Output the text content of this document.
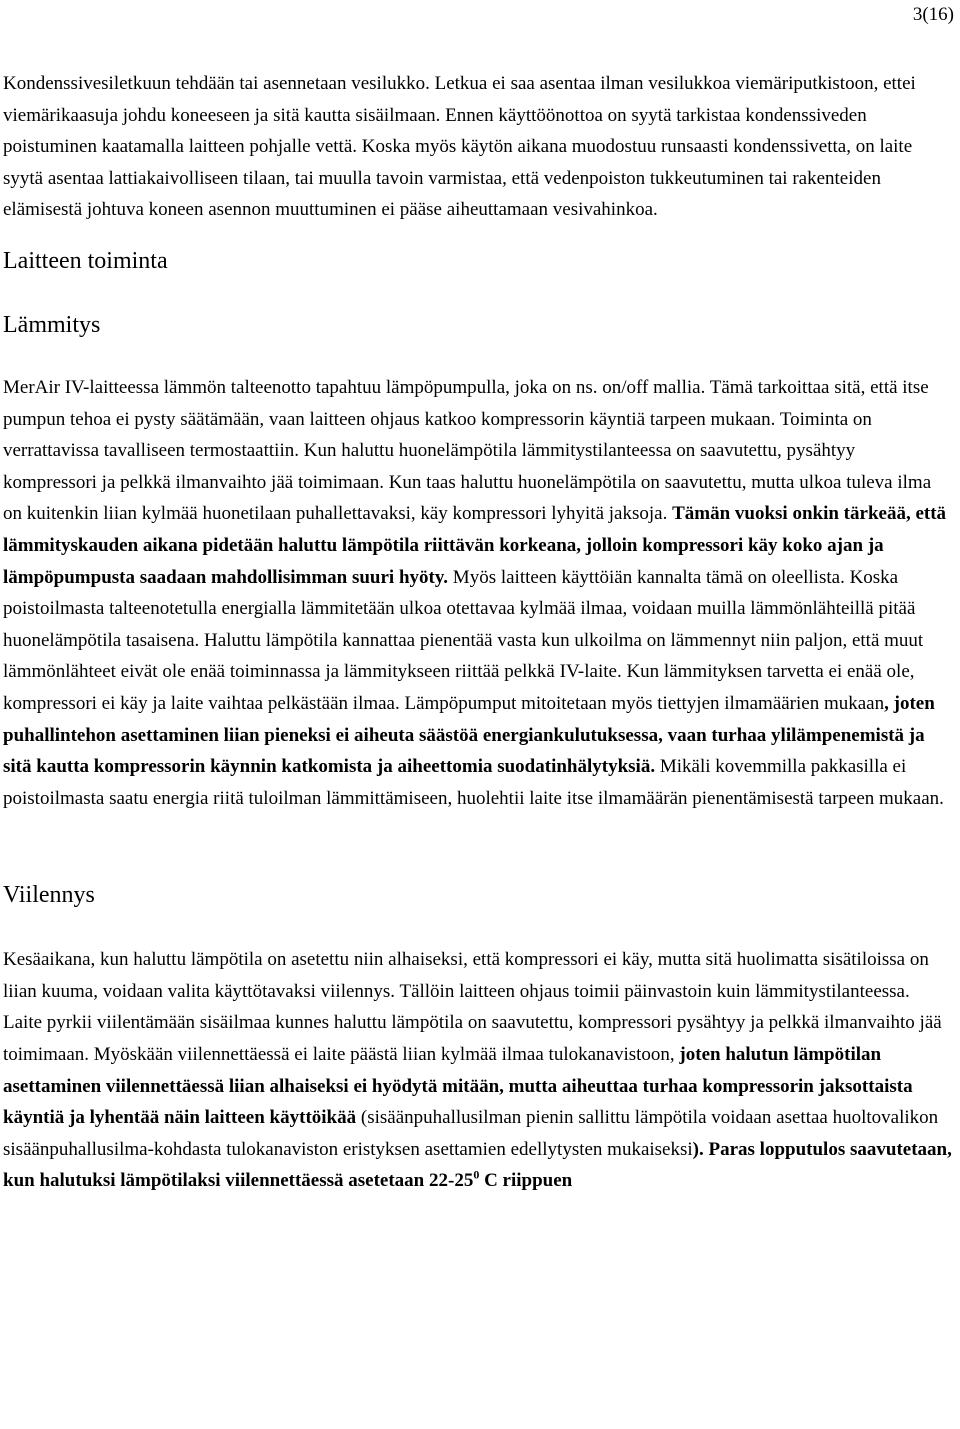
3(16)

Kondenssivesiletkuun tehdään tai asennetaan vesilukko. Letkua ei saa asentaa ilman vesilukkoa viemäriputkistoon, ettei viemärikaasuja johdu koneeseen ja sitä kautta sisäilmaan. Ennen käyttöönottoa on syytä tarkistaa kondenssiveden poistuminen kaatamalla laitteen pohjalle vettä. Koska myös käytön aikana muodostuu runsaasti kondenssivetta, on laite syytä asentaa lattiakaivolliseen tilaan, tai muulla tavoin varmistaa, että vedenpoiston tukkeutuminen tai rakenteiden elämisestä johtuva koneen asennon muuttuminen ei pääse aiheuttamaan vesivahinkoa.

Laitteen toiminta
Lämmitys

MerAir IV-laitteessa lämmön talteenotto tapahtuu lämpöpumpulla, joka on ns. on/off mallia. Tämä tarkoittaa sitä, että itse pumpun tehoa ei pysty säätämään, vaan laitteen ohjaus katkoo kompressorin käyntiä tarpeen mukaan. Toiminta on verrattavissa tavalliseen termostaattiin. Kun haluttu huonelämpötila lämmitystilanteessa on saavutettu, pysähtyy kompressori ja pelkkä ilmanvaihto jää toimimaan. Kun taas haluttu huonelämpötila on saavutettu, mutta ulkoa tuleva ilma on kuitenkin liian kylmää huonetilaan puhallettavaksi, käy kompressori lyhyitä jaksoja. Tämän vuoksi onkin tärkeää, että lämmityskauden aikana pidetään haluttu lämpötila riittävän korkeana, jolloin kompressori käy koko ajan ja lämpöpumpusta saadaan mahdollisimman suuri hyöty. Myös laitteen käyttöiän kannalta tämä on oleellista. Koska poistoilmasta talteenotetulla energialla lämmitetään ulkoa otettavaa kylmää ilmaa, voidaan muilla lämmönlähteillä pitää huonelämpötila tasaisena. Haluttu lämpötila kannattaa pienentää vasta kun ulkoilma on lämmennyt niin paljon, että muut lämmönlähteet eivät ole enää toiminnassa ja lämmitykseen riittää pelkkä IV-laite. Kun lämmityksen tarvetta ei enää ole, kompressori ei käy ja laite vaihtaa pelkästään ilmaa. Lämpöpumput mitoitetaan myös tiettyjen ilmamäärien mukaan, joten puhallintehon asettaminen liian pieneksi ei aiheuta säästöä energiankulutuksessa, vaan turhaa ylilämpenemistä ja sitä kautta kompressorin käynnin katkomista ja aiheettomia suodatinhälytyksiä. Mikäli kovemmilla pakkasilla ei poistoilmasta saatu energia riitä tuloilman lämmittämiseen, huolehtii laite itse ilmamäärän pienentämisestä tarpeen mukaan.

Viilennys

Kesäaikana, kun haluttu lämpötila on asetettu niin alhaiseksi, että kompressori ei käy, mutta sitä huolimatta sisätiloissa on liian kuuma, voidaan valita käyttötavaksi viilennys. Tällöin laitteen ohjaus toimii päinvastoin kuin lämmitystilanteessa. Laite pyrkii viilentämään sisäilmaa kunnes haluttu lämpötila on saavutettu, kompressori pysähtyy ja pelkkä ilmanvaihto jää toimimaan. Myöskään viilennettäessä ei laite päästä liian kylmää ilmaa tulokanavistoon, joten halutun lämpötilan asettaminen viilennettäessä liian alhaiseksi ei hyödytä mitään, mutta aiheuttaa turhaa kompressorin jaksottaista käyntiä ja lyhentää näin laitteen käyttöikää (sisäänpuhallusilman pienin sallittu lämpötila voidaan asettaa huoltovalikon sisäänpuhallusilma-kohdasta tulokanaviston eristyksen asettamien edellytysten mukaiseksi). Paras lopputulos saavutetaan, kun halutuksi lämpötilaksi viilennettäessä asetetaan $22-25^0$ C riippuen
